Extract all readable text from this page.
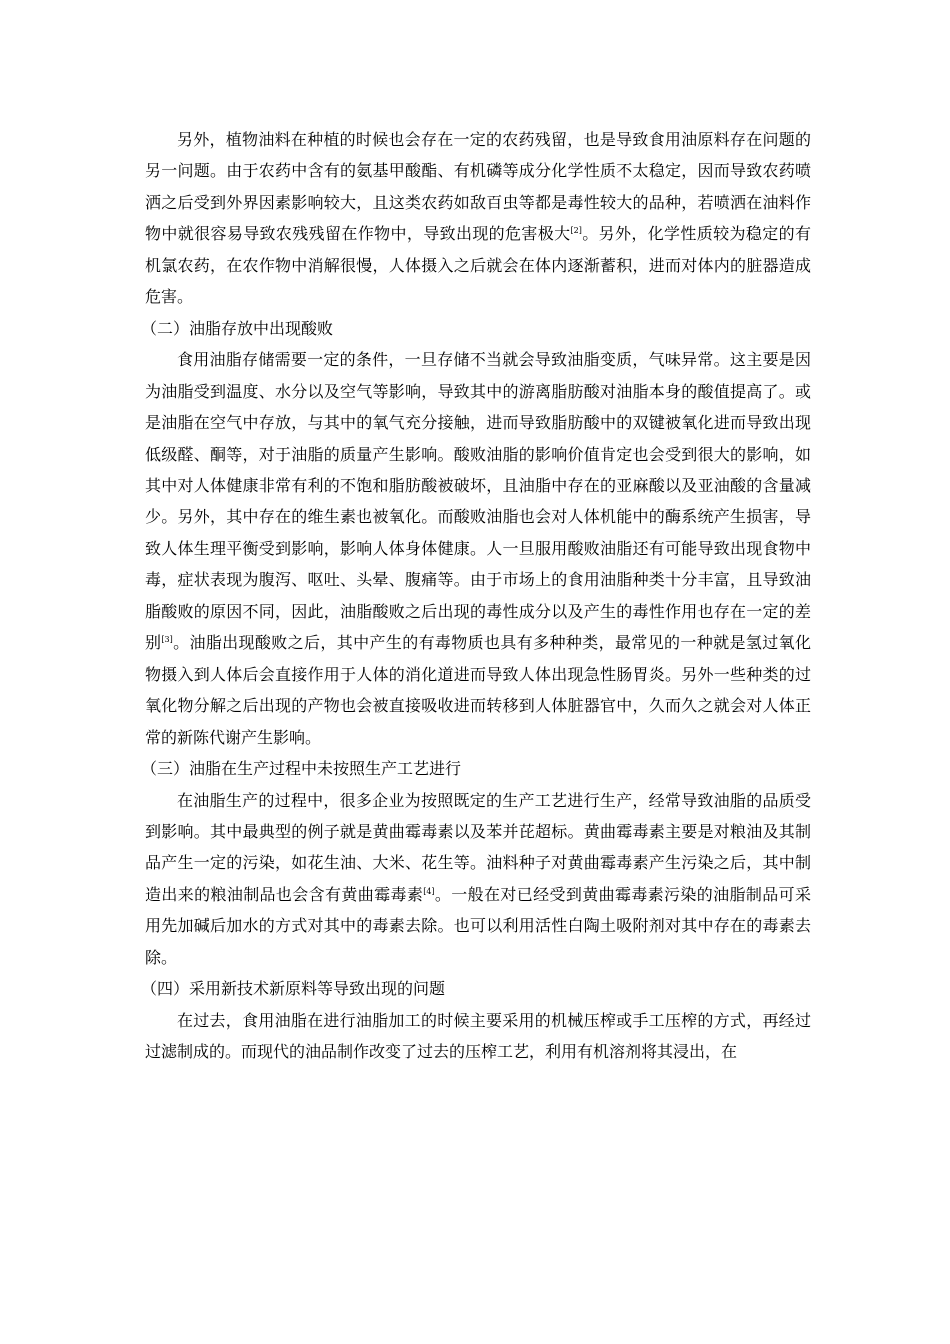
另外，植物油料在种植的时候也会存在一定的农药残留，也是导致食用油原料存在问题的另一问题。由于农药中含有的氨基甲酸酯、有机磷等成分化学性质不太稳定，因而导致农药喷洒之后受到外界因素影响较大，且这类农药如敌百虫等都是毒性较大的品种，若喷洒在油料作物中就很容易导致农残残留在作物中，导致出现的危害极大[2]。另外，化学性质较为稳定的有机氯农药，在农作物中消解很慢，人体摄入之后就会在体内逐渐蓄积，进而对体内的脏器造成危害。

（二）油脂存放中出现酸败

食用油脂存储需要一定的条件，一旦存储不当就会导致油脂变质，气味异常。这主要是因为油脂受到温度、水分以及空气等影响，导致其中的游离脂肪酸对油脂本身的酸值提高了。或是油脂在空气中存放，与其中的氧气充分接触，进而导致脂肪酸中的双键被氧化进而导致出现低级醛、酮等，对于油脂的质量产生影响。酸败油脂的影响价值肯定也会受到很大的影响，如其中对人体健康非常有利的不饱和脂肪酸被破坏，且油脂中存在的亚麻酸以及亚油酸的含量减少。另外，其中存在的维生素也被氧化。而酸败油脂也会对人体机能中的酶系统产生损害，导致人体生理平衡受到影响，影响人体身体健康。人一旦服用酸败油脂还有可能导致出现食物中毒，症状表现为腹泻、呕吐、头晕、腹痛等。由于市场上的食用油脂种类十分丰富，且导致油脂酸败的原因不同，因此，油脂酸败之后出现的毒性成分以及产生的毒性作用也存在一定的差别[3]。油脂出现酸败之后，其中产生的有毒物质也具有多种种类，最常见的一种就是氢过氧化物摄入到人体后会直接作用于人体的消化道进而导致人体出现急性肠胃炎。另外一些种类的过氧化物分解之后出现的产物也会被直接吸收进而转移到人体脏器官中，久而久之就会对人体正常的新陈代谢产生影响。

（三）油脂在生产过程中未按照生产工艺进行

在油脂生产的过程中，很多企业为按照既定的生产工艺进行生产，经常导致油脂的品质受到影响。其中最典型的例子就是黄曲霉毒素以及苯并芘超标。黄曲霉毒素主要是对粮油及其制品产生一定的污染，如花生油、大米、花生等。油料种子对黄曲霉毒素产生污染之后，其中制造出来的粮油制品也会含有黄曲霉毒素[4]。一般在对已经受到黄曲霉毒素污染的油脂制品可采用先加碱后加水的方式对其中的毒素去除。也可以利用活性白陶土吸附剂对其中存在的毒素去除。

（四）采用新技术新原料等导致出现的问题

在过去，食用油脂在进行油脂加工的时候主要采用的机械压榨或手工压榨的方式，再经过过滤制成的。而现代的油品制作改变了过去的压榨工艺，利用有机溶剂将其浸出，在
